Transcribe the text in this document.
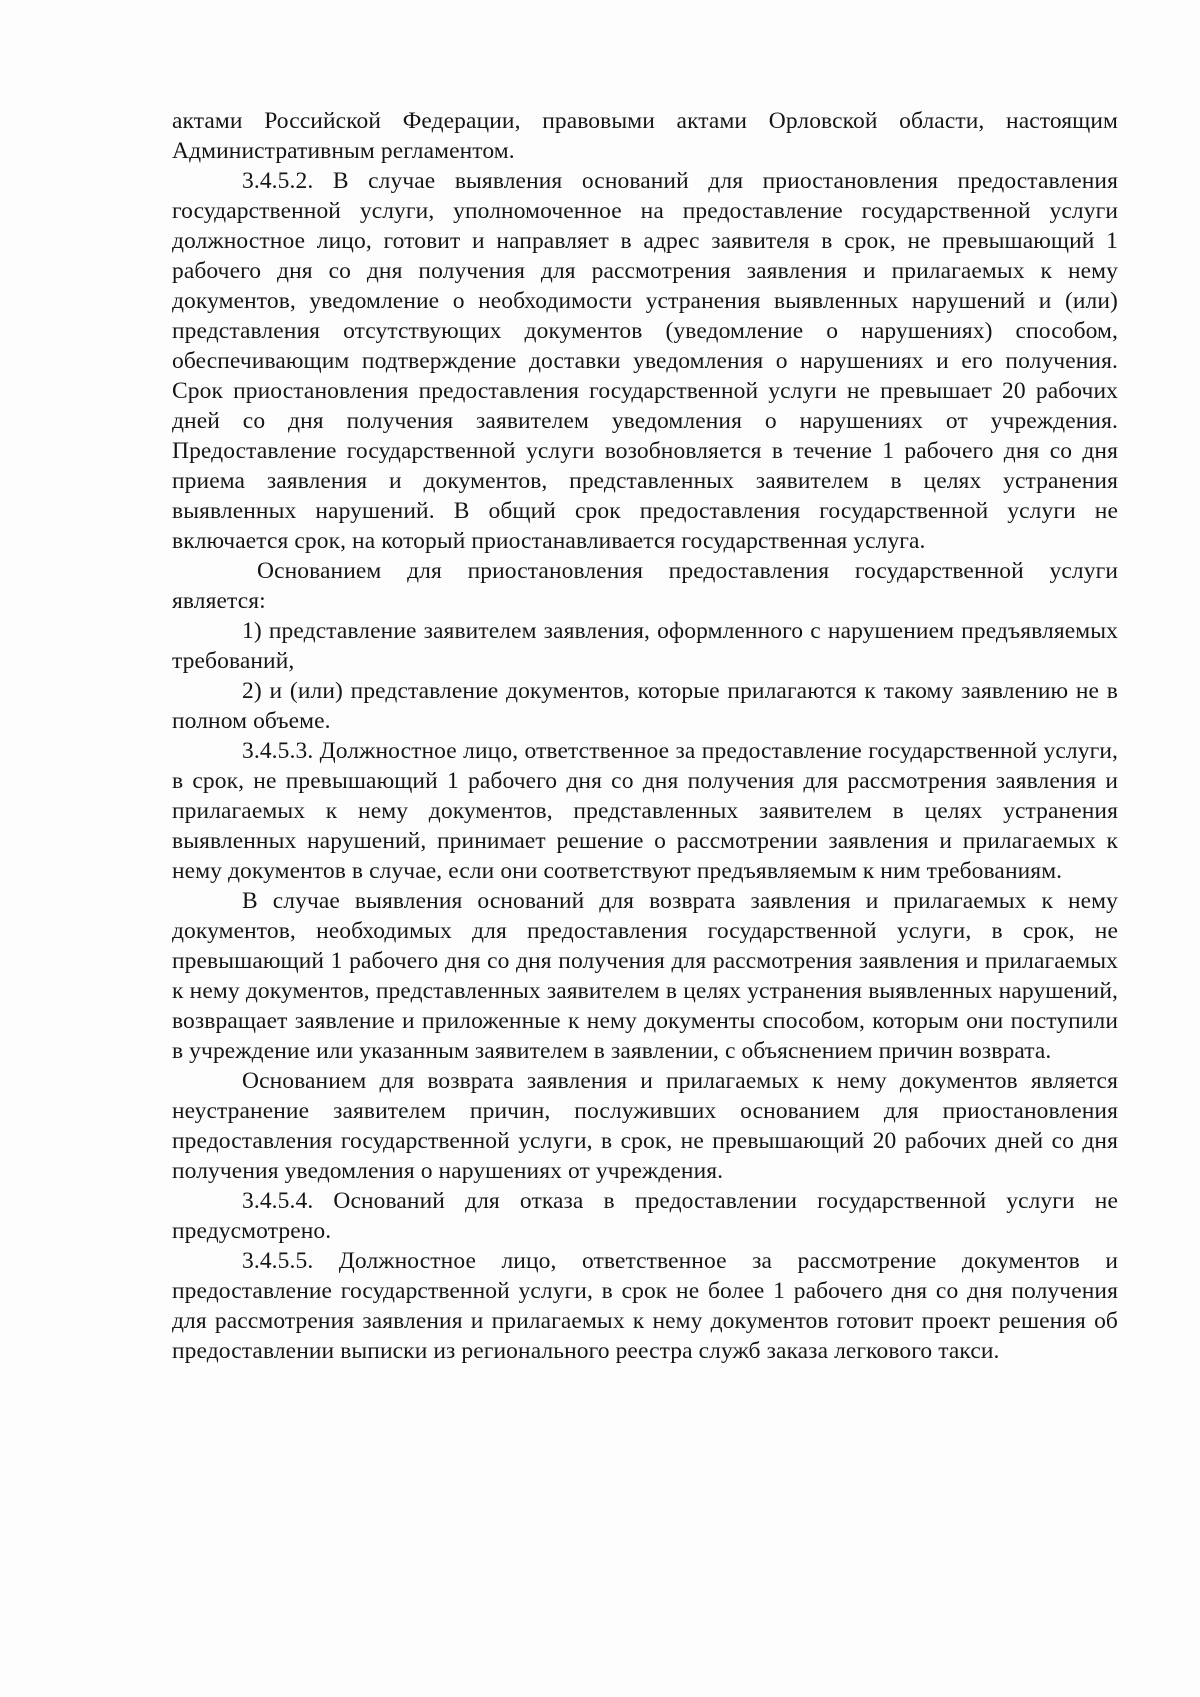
актами Российской Федерации, правовыми актами Орловской области, настоящим Административным регламентом.

3.4.5.2. В случае выявления оснований для приостановления предоставления государственной услуги, уполномоченное на предоставление государственной услуги должностное лицо, готовит и направляет в адрес заявителя в срок, не превышающий 1 рабочего дня со дня получения для рассмотрения заявления и прилагаемых к нему документов, уведомление о необходимости устранения выявленных нарушений и (или) представления отсутствующих документов (уведомление о нарушениях) способом, обеспечивающим подтверждение доставки уведомления о нарушениях и его получения. Срок приостановления предоставления государственной услуги не превышает 20 рабочих дней со дня получения заявителем уведомления о нарушениях от учреждения. Предоставление государственной услуги возобновляется в течение 1 рабочего дня со дня приема заявления и документов, представленных заявителем в целях устранения выявленных нарушений. В общий срок предоставления государственной услуги не включается срок, на который приостанавливается государственная услуга.

Основанием для приостановления предоставления государственной услуги является:

1) представление заявителем заявления, оформленного с нарушением предъявляемых требований,

2) и (или) представление документов, которые прилагаются к такому заявлению не в полном объеме.

3.4.5.3. Должностное лицо, ответственное за предоставление государственной услуги, в срок, не превышающий 1 рабочего дня со дня получения для рассмотрения заявления и прилагаемых к нему документов, представленных заявителем в целях устранения выявленных нарушений, принимает решение о рассмотрении заявления и прилагаемых к нему документов в случае, если они соответствуют предъявляемым к ним требованиям.

В случае выявления оснований для возврата заявления и прилагаемых к нему документов, необходимых для предоставления государственной услуги, в срок, не превышающий 1 рабочего дня со дня получения для рассмотрения заявления и прилагаемых к нему документов, представленных заявителем в целях устранения выявленных нарушений, возвращает заявление и приложенные к нему документы способом, которым они поступили в учреждение или указанным заявителем в заявлении, с объяснением причин возврата.

Основанием для возврата заявления и прилагаемых к нему документов является неустранение заявителем причин, послуживших основанием для приостановления предоставления государственной услуги, в срок, не превышающий 20 рабочих дней со дня получения уведомления о нарушениях от учреждения.

3.4.5.4. Оснований для отказа в предоставлении государственной услуги не предусмотрено.

3.4.5.5. Должностное лицо, ответственное за рассмотрение документов и предоставление государственной услуги, в срок не более 1 рабочего дня со дня получения для рассмотрения заявления и прилагаемых к нему документов готовит проект решения об предоставлении выписки из регионального реестра служб заказа легкового такси.
